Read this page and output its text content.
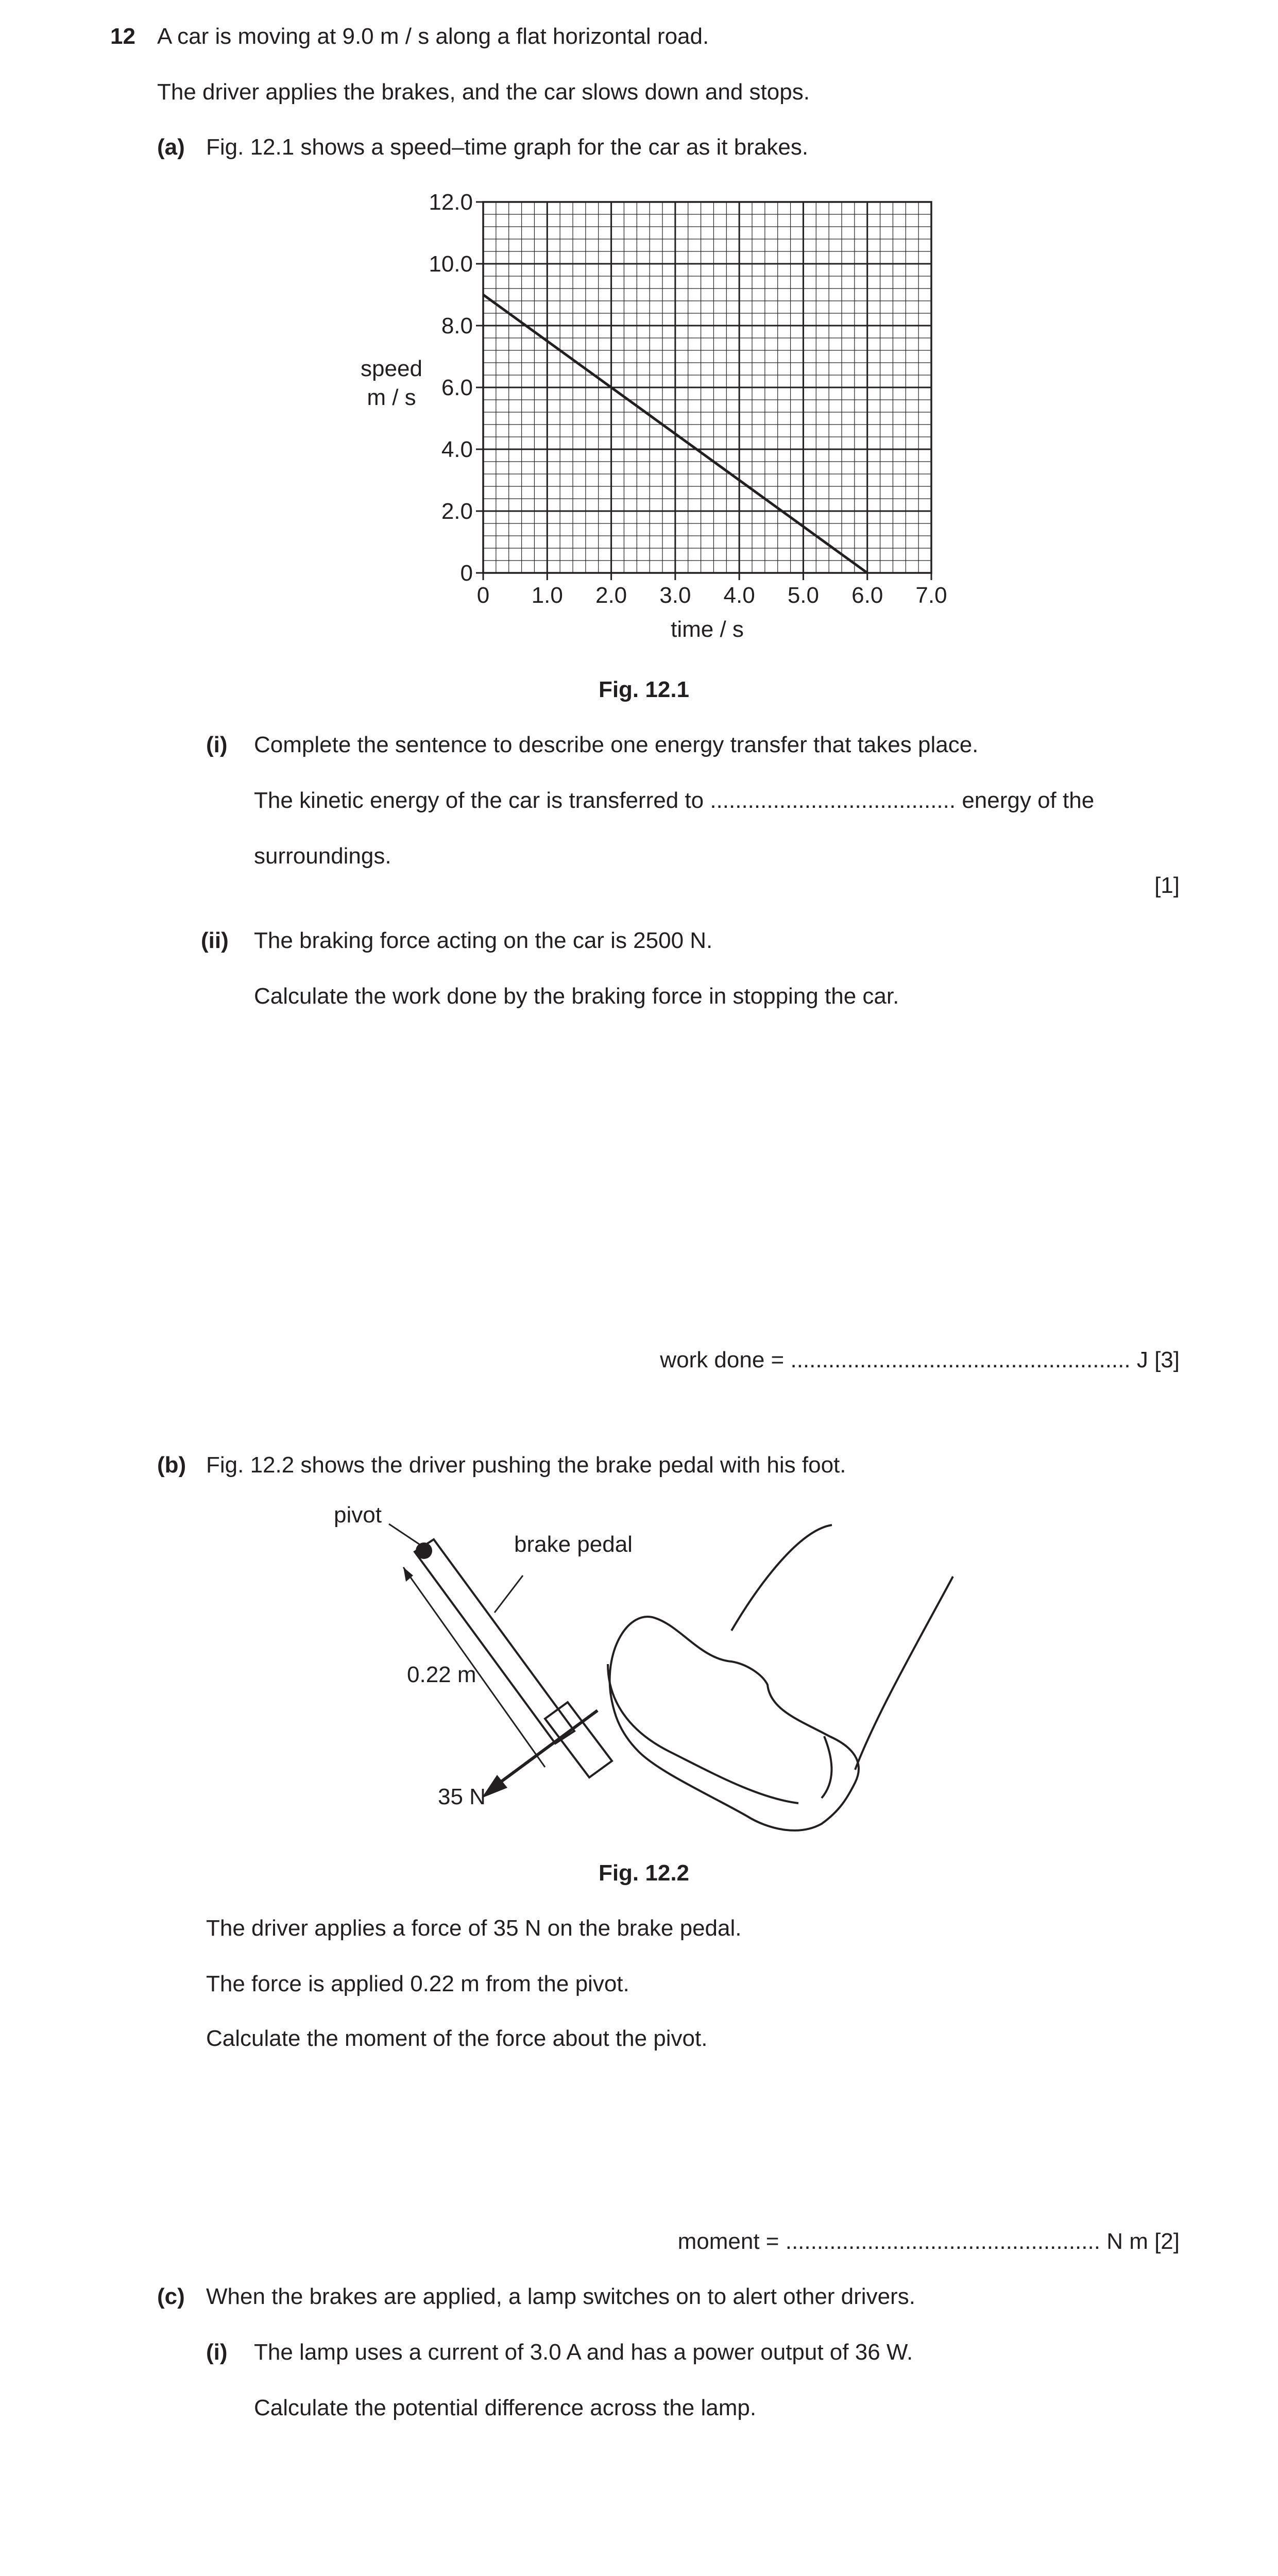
12 A car is moving at 9.0 m / s along a flat horizontal road.
The driver applies the brakes, and the car slows down and stops.
(a) Fig. 12.1 shows a speed–time graph for the car as it brakes.
0 1.0 2.0 3.0 4.0 5.0 6.0 7.0
0
2.0
4.0
6.0
8.0
10.0
12.0
speed
m / s
time / s
Fig. 12.1
(i) Complete the sentence to describe one energy transfer that takes place.
The kinetic energy of the car is transferred to ....................................... energy of the
surroundings.
[1]
(ii) The braking force acting on the car is 2500 N.
Calculate the work done by the braking force in stopping the car.
work done = ...................................................... J [3]
(b) Fig. 12.2 shows the driver pushing the brake pedal with his foot.
pivot
brake pedal
0.22 m
35 N
Fig. 12.2
The driver applies a force of 35 N on the brake pedal.
The force is applied 0.22 m from the pivot.
Calculate the moment of the force about the pivot.
moment = .................................................. N m [2]
(c) When the brakes are applied, a lamp switches on to alert other drivers.
(i) The lamp uses a current of 3.0 A and has a power output of 36 W.
Calculate the potential difference across the lamp.
